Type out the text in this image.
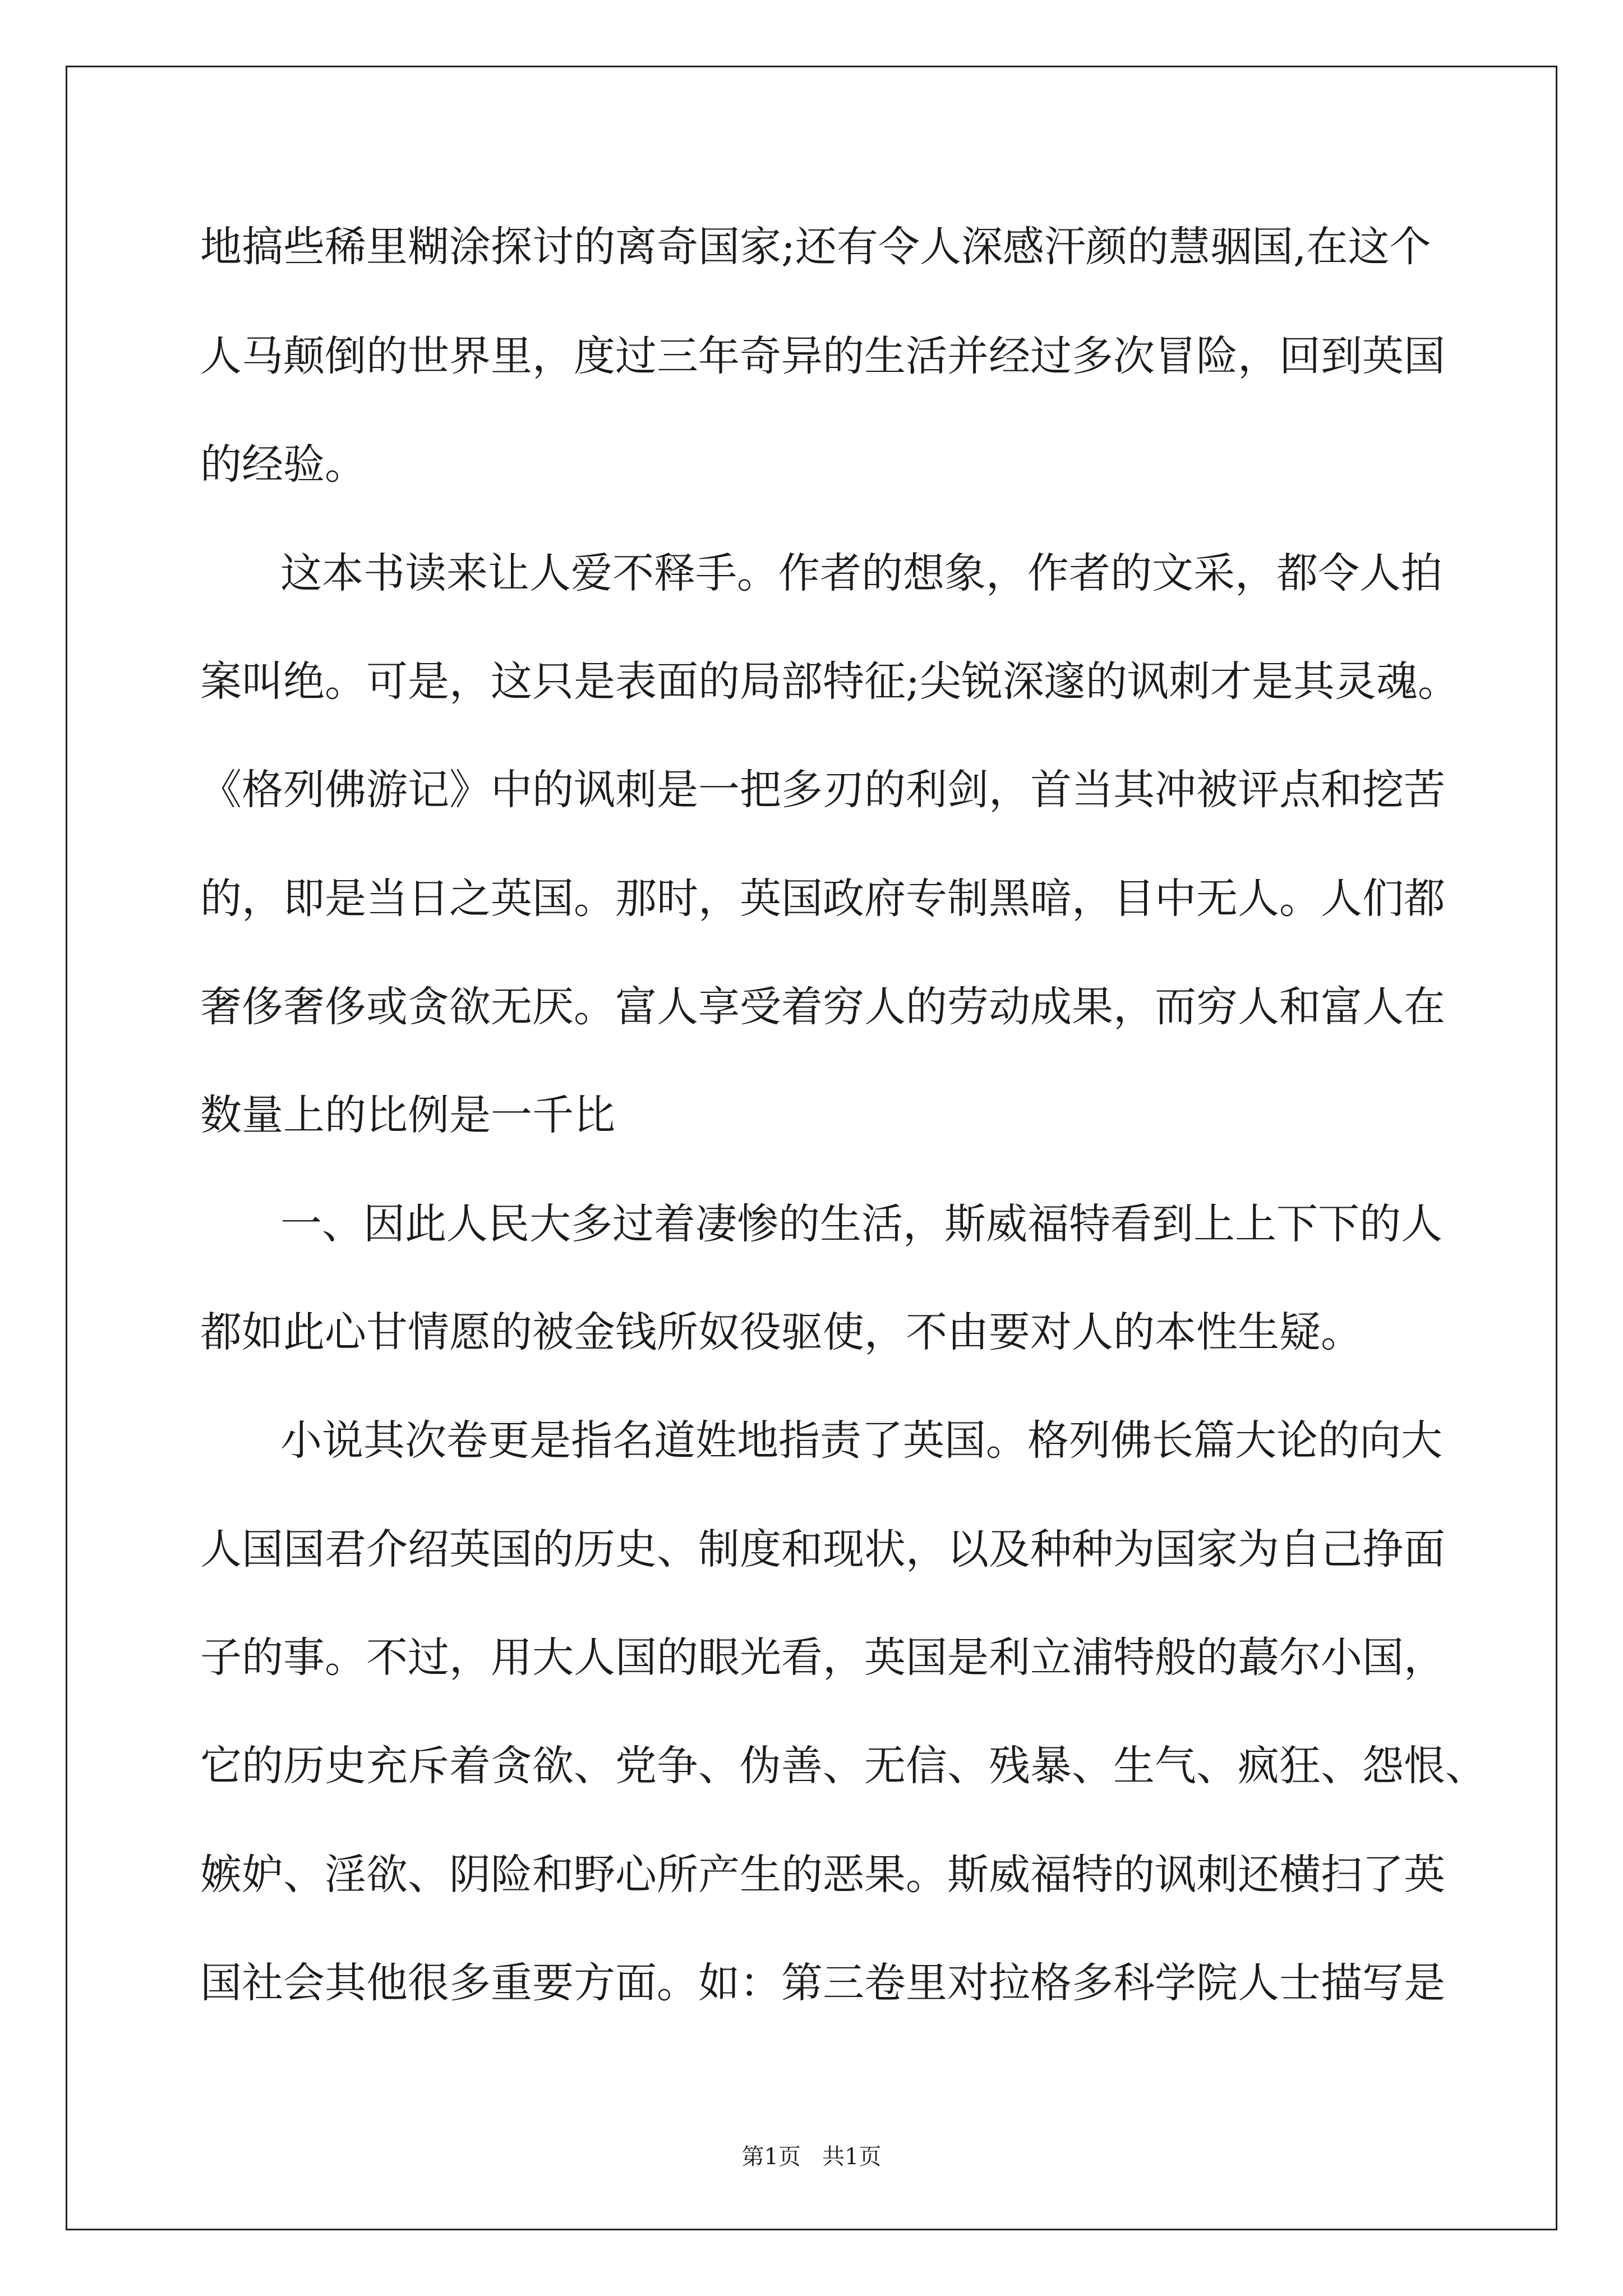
地搞些稀里糊涂探讨的离奇国家;还有令人深感汗颜的慧骃国,在这个
人马颠倒的世界里，度过三年奇异的生活并经过多次冒险，回到英国
的经验。
这本书读来让人爱不释手。作者的想象，作者的文采，都令人拍
案叫绝。可是，这只是表面的局部特征;尖锐深邃的讽刺才是其灵魂。
《格列佛游记》中的讽刺是一把多刃的利剑，首当其冲被评点和挖苦
的，即是当日之英国。那时，英国政府专制黑暗，目中无人。人们都
奢侈奢侈或贪欲无厌。富人享受着穷人的劳动成果，而穷人和富人在
数量上的比例是一千比
一、因此人民大多过着凄惨的生活，斯威福特看到上上下下的人
都如此心甘情愿的被金钱所奴役驱使，不由要对人的本性生疑。
小说其次卷更是指名道姓地指责了英国。格列佛长篇大论的向大
人国国君介绍英国的历史、制度和现状，以及种种为国家为自己挣面
子的事。不过，用大人国的眼光看，英国是利立浦特般的蕞尔小国，
它的历史充斥着贪欲、党争、伪善、无信、残暴、生气、疯狂、怨恨、
嫉妒、淫欲、阴险和野心所产生的恶果。斯威福特的讽刺还横扫了英
国社会其他很多重要方面。如：第三卷里对拉格多科学院人士描写是
第1页   共1页
